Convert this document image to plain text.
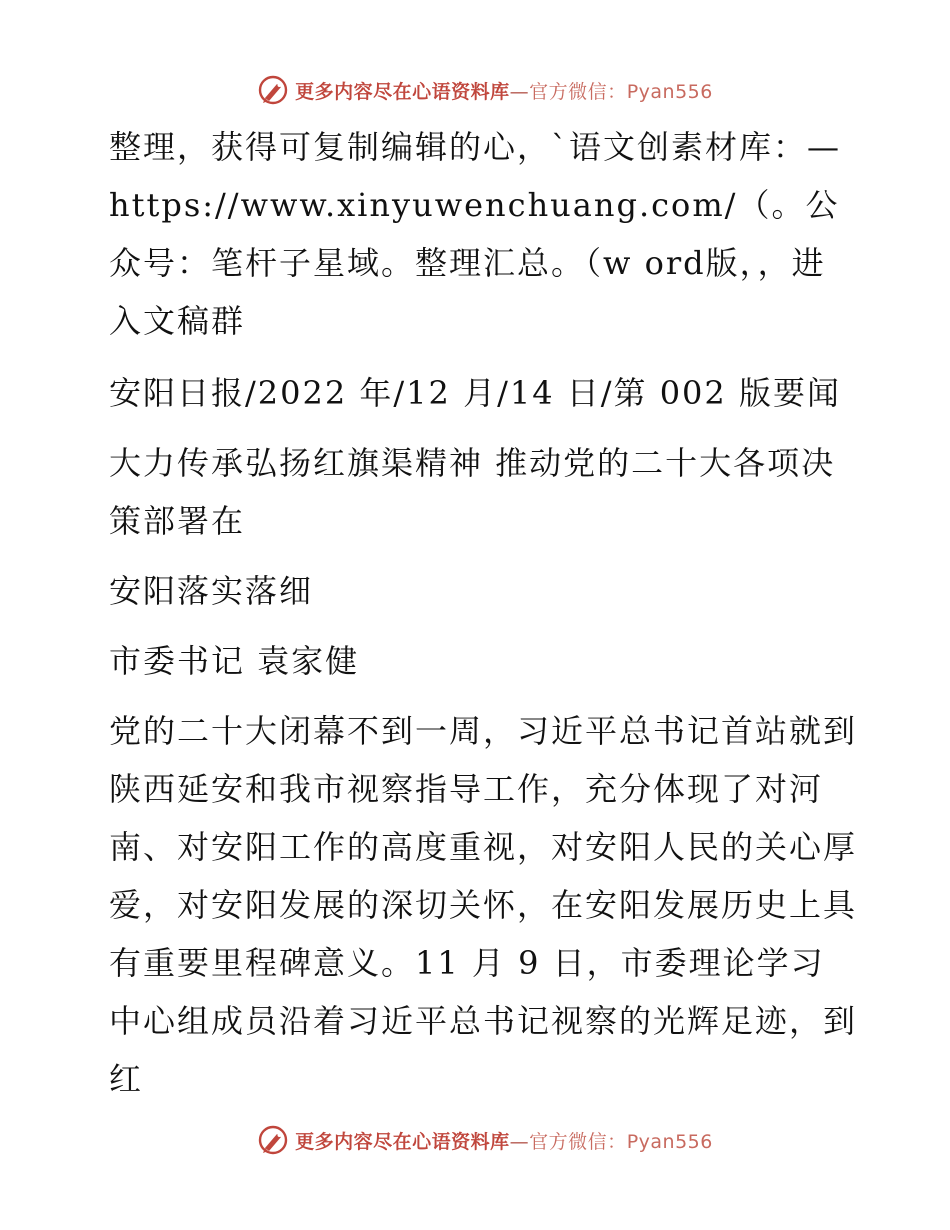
更多内容尽在心语资料库—官方微信：Pyan556

整理，获得可复制编辑的心，`语文创素材库：—https://www.xinyuwenchuang.com/（。公众号：笔杆子星域。整理汇总。（w ord版，，进入文稿群

安阳日报/2022 年/12 月/14 日/第 002 版要闻

大力传承弘扬红旗渠精神 推动党的二十大各项决策部署在

安阳落实落细

市委书记 袁家健

党的二十大闭幕不到一周，习近平总书记首站就到陕西延安和我市视察指导工作，充分体现了对河南、对安阳工作的高度重视，对安阳人民的关心厚爱，对安阳发展的深切关怀，在安阳发展历史上具有重要里程碑意义。11 月 9 日，市委理论学习中心组成员沿着习近平总书记视察的光辉足迹，到红

更多内容尽在心语资料库—官方微信：Pyan556
